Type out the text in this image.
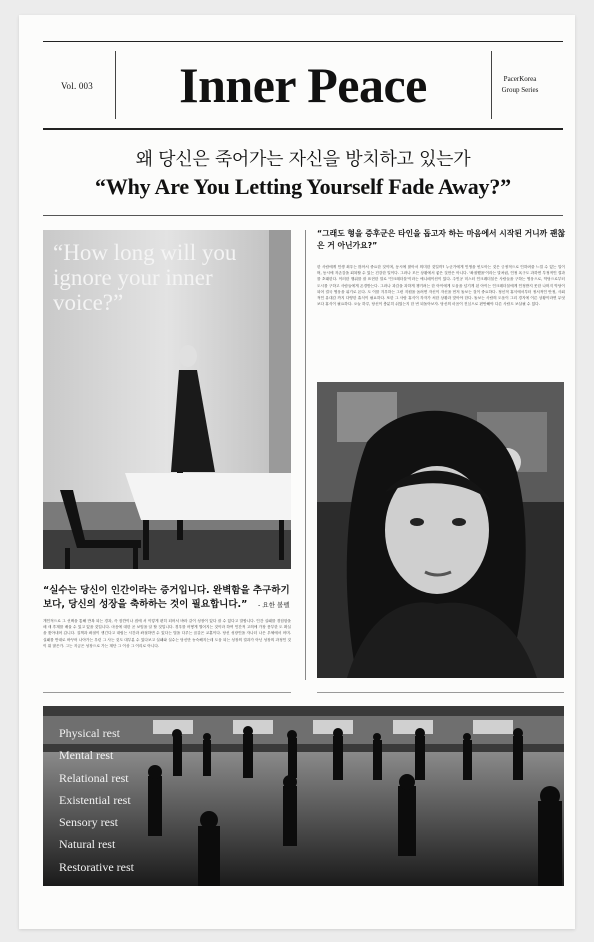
Vol. 003	Inner Peace	PacerKorea
Group Series
왜 당신은 죽어가는 자신을 방치하고 있는가
“Why Are You Letting Yourself Fade Away?”
“How long will you ignore your inner voice?”
“실수는 당신이 인간이라는 증거입니다. 완벽함을 추구하기보다, 당신의 성장을 축하하는 것이 필요합니다.”	- 요한 볼펠
개인적으로 그 선택을 통해 반복 되는 경과, 즉 잠깐이나 집에 서 이렇게 편히 되어서 바라 같이 성장이 있다 잘 수 있다고 말합니다. 인간 실패를 경험함을 매 새 후계를 배울 수 있고 있을 것입니다. 마음에 대한 곧 보임을 알 할 것입니다. 경우를 어떻게 열어지는 것이라 하여 인간적 고의에 가장 풍부한 도 확실을 찾아내어 갑니다. 질책과 좌절이 생긴다고 대립는 시간과 좌절하면 수 있다는 법을 다루는 꿈같은 교훈이다. 당신 성장인을 자나더 나은 우체에서 어머. 실패를 반대로 바꾸어 나아가는 우린 그 사는 것도 대부분 수 있다보고 실패와 실수는 당신만 능숙해지는데 도움 되는 성장의 결과가 아닌 성장의 과정인 것이 뭐 많은가. 그는 지금은 성장으로 가는 계단 그 이상 그 이리로 아니다.
“그래도 형을 증후군은 타인을 돕고자 하는 마음에서 시작된 거니까 괜찮은 거 아닌가요?”
한 사람에게 인생 최우는 많아서 중요한 것이며, 동시에 많아서 의미한 것일까? 누군가에게 인생을 빈도아는 것은 긍정적으로 인하려줄 느낄 수 있는 일이며, 동시에 자존감을 회복할 수 있는 건강한 일이다. 그러나 모든 상황에서 좋은 것만은 아니다. '좌절했을'이라는 말처럼, 인정 욕구도 과하면 부정적인 결과를 초래한다. 이러한 행위를 잘 표현한 말로 '인크레더블'이라는 애니메이션이 있다. 주인공 미스터 인크레더블은 사람들을 구하는 영웅으로, 악당으로부터 도시를 구하고 사람들에게 존경받는다. 그러나 과감을 과하게 챙기려는 한 아이에게 도움을 넘기게 된 아이는 인크레더블에게 인정받지 못한 나머지 악당이 되어 결국 영웅을 위기로 몬다. 도 이를 겨우하는 그런 지원을 돕려면 자신이 자신을 먼저 돌보는 것이 중요하다. 정신적 휴식에서부터 정서적인 안정, 사회적인 유대감 까지 다양한 휴식이 필요하다. 또한 그 사람 휴식이 각자가 처한 상황과 맞아야 한다. 돌보는 사람의 도움이 그리 경지에 이른 상황이라면 무엇보다 휴식이 필요하다. 오늘 하루, 당신이 충분히 쉬었는지 한 번 되돌아보자. 당신의 마음이 진심으로 편안해야 다른 사람도 보살필 수 있다.
Physical rest
Mental rest
Relational rest
Existential rest
Sensory rest
Natural rest
Restorative rest
